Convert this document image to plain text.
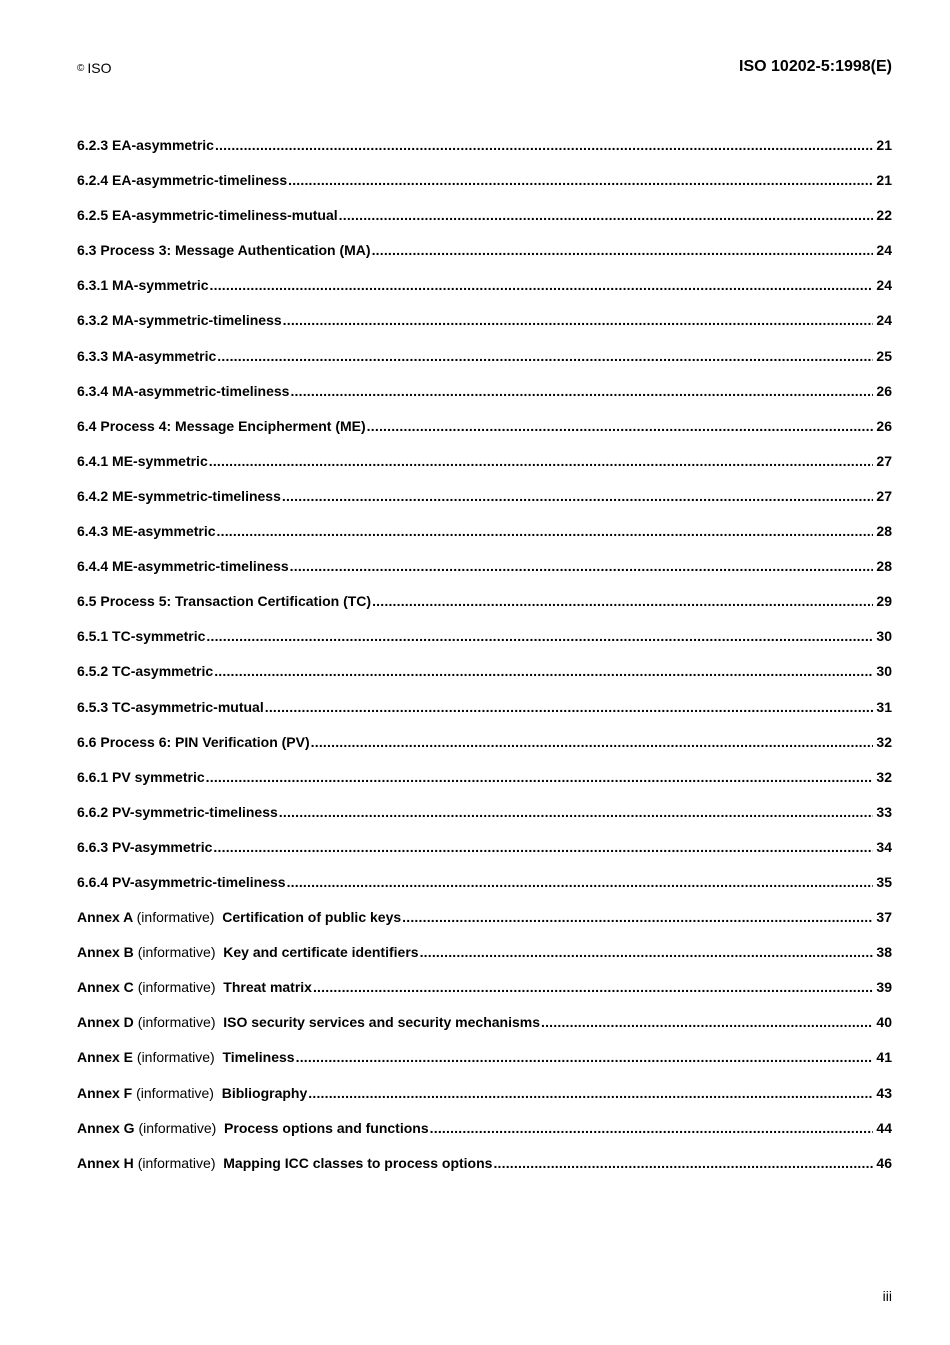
© ISO	ISO 10202-5:1998(E)
6.2.3 EA-asymmetric .....	21
6.2.4 EA-asymmetric-timeliness .....	21
6.2.5 EA-asymmetric-timeliness-mutual .....	22
6.3 Process 3: Message Authentication (MA) .....	24
6.3.1 MA-symmetric .....	24
6.3.2 MA-symmetric-timeliness .....	24
6.3.3 MA-asymmetric .....	25
6.3.4 MA-asymmetric-timeliness .....	26
6.4 Process 4: Message Encipherment (ME) .....	26
6.4.1 ME-symmetric .....	27
6.4.2 ME-symmetric-timeliness .....	27
6.4.3 ME-asymmetric .....	28
6.4.4 ME-asymmetric-timeliness .....	28
6.5 Process 5: Transaction Certification (TC) .....	29
6.5.1 TC-symmetric .....	30
6.5.2 TC-asymmetric .....	30
6.5.3 TC-asymmetric-mutual .....	31
6.6 Process 6: PIN Verification (PV) .....	32
6.6.1 PV symmetric .....	32
6.6.2 PV-symmetric-timeliness .....	33
6.6.3 PV-asymmetric .....	34
6.6.4 PV-asymmetric-timeliness .....	35
Annex A (informative) Certification of public keys .....	37
Annex B (informative) Key and certificate identifiers .....	38
Annex C (informative) Threat matrix .....	39
Annex D (informative) ISO security services and security mechanisms .....	40
Annex E (informative) Timeliness .....	41
Annex F (informative) Bibliography .....	43
Annex G (informative) Process options and functions .....	44
Annex H (informative) Mapping ICC classes to process options .....	46
iii
